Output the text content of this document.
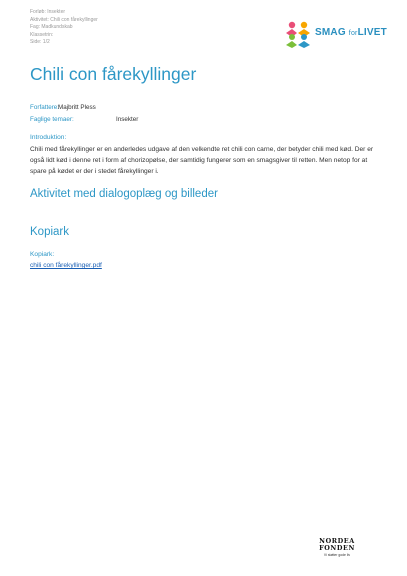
Forløb: Insekter
Aktivitet: Chili con fårekyllinger
Fag: Madkundskab
Klassetrin:
Side: 1/2
SMAG forLIVET
Chili con fårekyllinger
Forfattere:
Majbritt Pless
Faglige temaer:	Insekter
Introduktion:
Chili med fårekyllinger er en anderledes udgave af den velkendte ret chili con carne, der betyder chili med kød. Der er også lidt kød i denne ret i form af chorizopølse, der samtidig fungerer som en smagsgiver til retten. Men netop for at spare på kødet er der i stedet fårekyllinger i.
Aktivitet med dialogoplæg og billeder
Kopiark
Kopiark:
chili con fårekyllinger.pdf
NORDEA
FONDEN
Vi støtter gode liv
